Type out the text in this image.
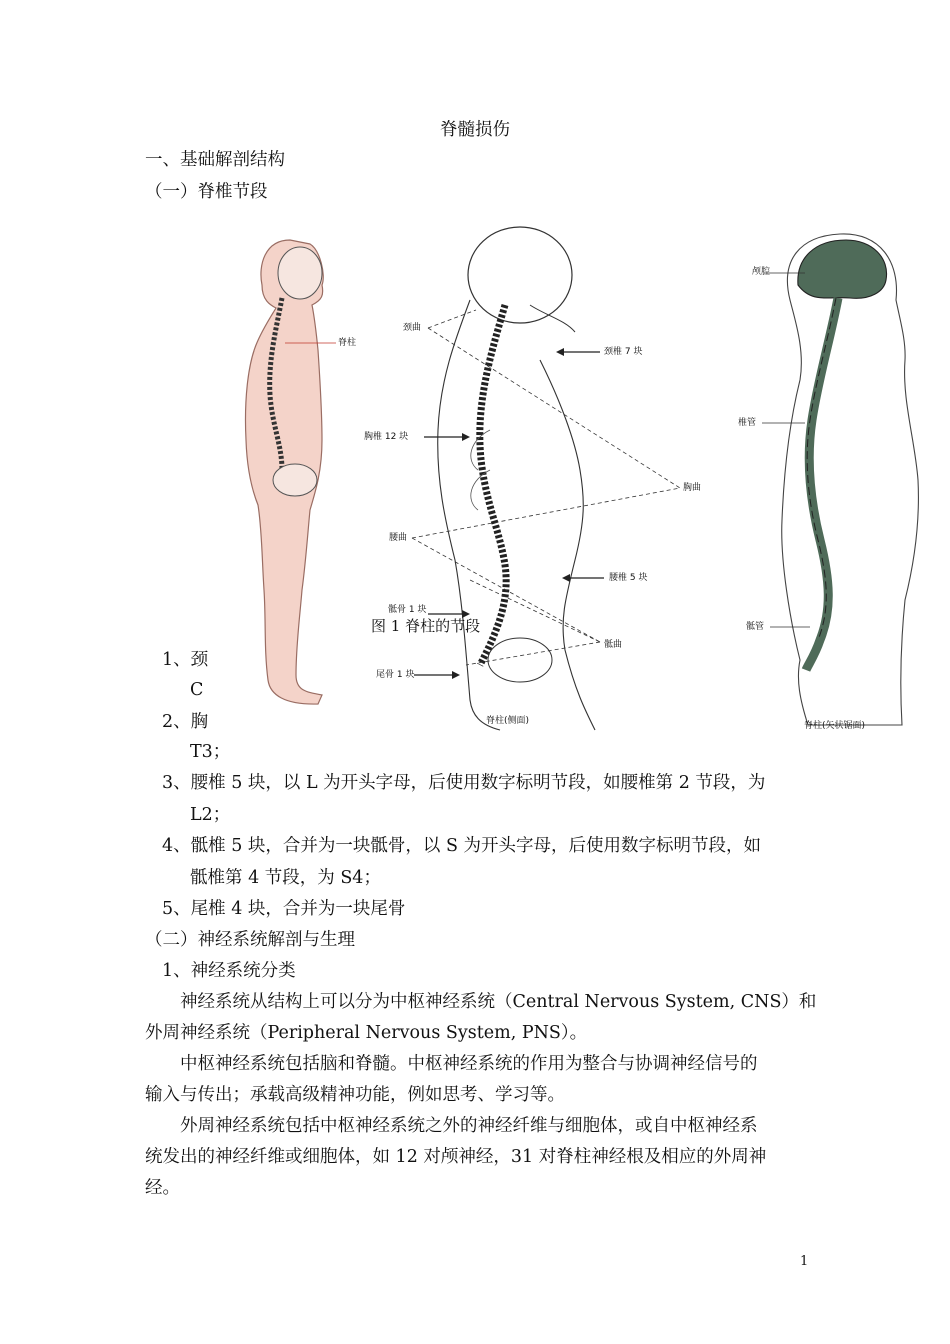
脊髓损伤
一、基础解剖结构
（一）脊椎节段
脊柱
颈曲
颈椎 7 块
胸椎 12 块
胸曲
腰曲
腰椎 5 块
骶骨 1 块
骶曲
尾骨 1 块
脊柱(侧面)
颅腔
椎管
骶管
脊柱(矢状锯面)
图 1 脊柱的节段
1、颈
C
2、胸
T3；
3、腰椎 5 块，以 L 为开头字母，后使用数字标明节段，如腰椎第 2 节段，为
L2；
4、骶椎 5 块，合并为一块骶骨，以 S 为开头字母，后使用数字标明节段，如
骶椎第 4 节段，为 S4；
5、尾椎 4 块，合并为一块尾骨
（二）神经系统解剖与生理
1、神经系统分类
神经系统从结构上可以分为中枢神经系统（Central Nervous System, CNS）和
外周神经系统（Peripheral Nervous System, PNS）。
中枢神经系统包括脑和脊髓。中枢神经系统的作用为整合与协调神经信号的
输入与传出；承载高级精神功能，例如思考、学习等。
外周神经系统包括中枢神经系统之外的神经纤维与细胞体，或自中枢神经系
统发出的神经纤维或细胞体，如 12 对颅神经，31 对脊柱神经根及相应的外周神
经。
1
